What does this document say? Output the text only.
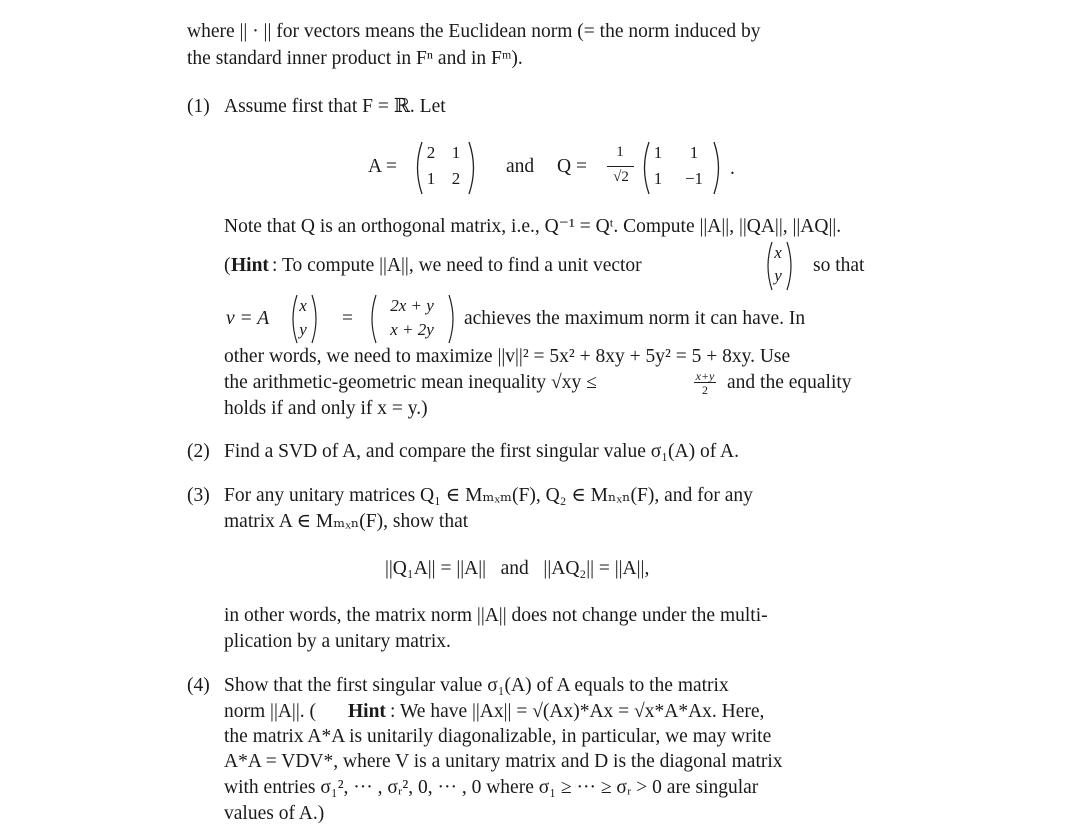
where || · || for vectors means the Euclidean norm (= the norm induced by
the standard inner product in Fⁿ and in Fᵐ).
(1) Assume first that F = ℝ. Let
A =
2 1
1 2
and Q =
1
√2
1	1
1	−1	.
Note that Q is an orthogonal matrix, i.e., Q⁻¹ = Qᵗ. Compute ||A||, ||QA||, ||AQ||.
( Hint : To compute ||A||, we need to find a unit vector
x
y so that
v = A
x
y
=
2x + y
x + 2y
achieves the maximum norm it can have. In
other words, we need to maximize ||v||² = 5x² + 8xy + 5y² = 5 + 8xy. Use
the arithmetic-geometric mean inequality √xy ≤	x+y
2 and the equality
holds if and only if x = y.)
(2) Find a SVD of A, and compare the first singular value σ₁(A) of A.
(3) For any unitary matrices Q₁ ∈ Mₘₓₘ(F), Q₂ ∈ Mₙₓₙ(F), and for any
matrix A ∈ Mₘₓₙ(F), show that
||Q₁A|| = ||A||   and   ||AQ₂|| = ||A||,
in other words, the matrix norm ||A|| does not change under the multi-
plication by a unitary matrix.
(4) Show that the first singular value σ₁(A) of A equals to the matrix
norm ||A||. ( Hint : We have ||Ax|| = √(Ax)*Ax = √x*A*Ax. Here,
the matrix A*A is unitarily diagonalizable, in particular, we may write
A*A = VDV*, where V is a unitary matrix and D is the diagonal matrix
with entries σ₁², ··· , σᵣ², 0, ··· , 0 where σ₁ ≥ ··· ≥ σᵣ > 0 are singular
values of A.)
